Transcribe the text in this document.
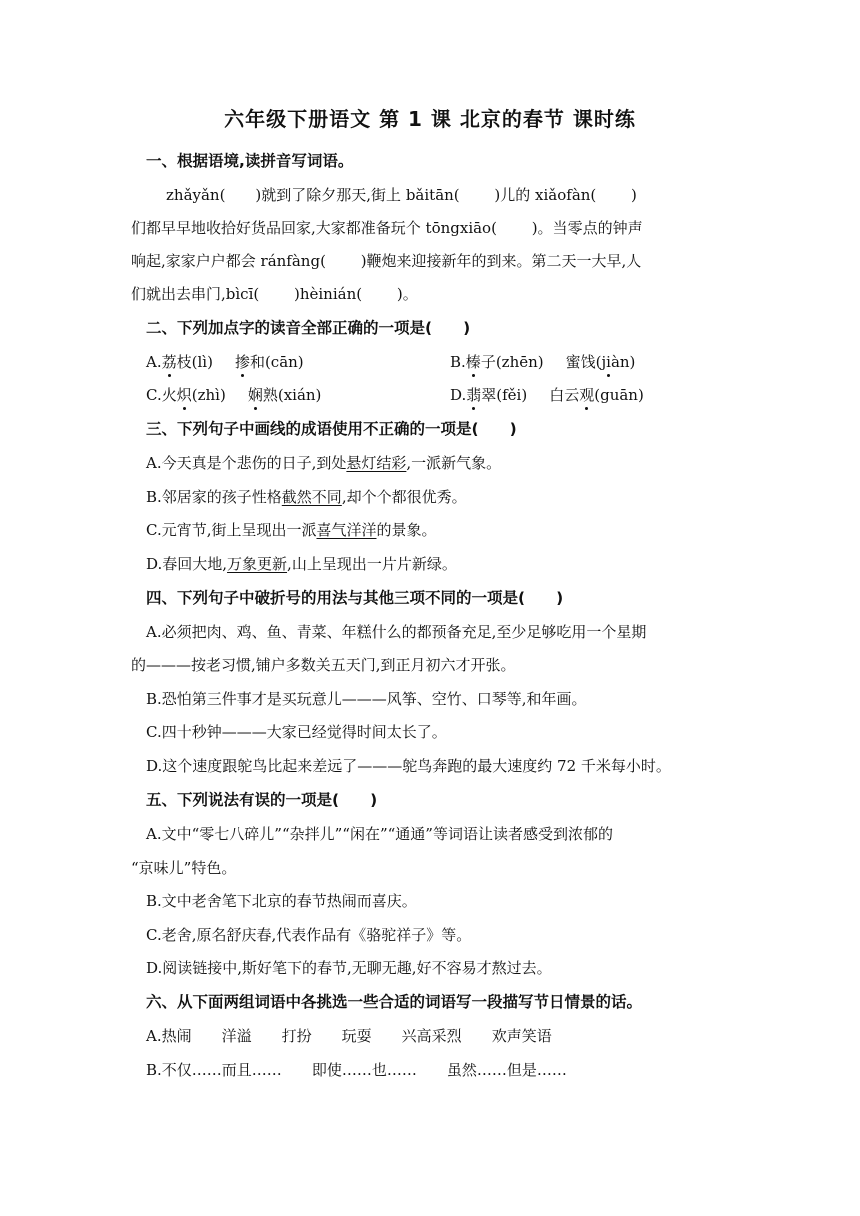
六年级下册语文 第 1 课 北京的春节 课时练
一、根据语境,读拼音写词语。
zhǎyǎn(　　)就到了除夕那天,街上 bǎitān(　　 )儿的 xiǎofàn(　　 )
们都早早地收拾好货品回家,大家都准备玩个 tōngxiāo(　　 )。当零点的钟声
响起,家家户户都会 ránfàng(　　 )鞭炮来迎接新年的到来。第二天一大早,人
们就出去串门,bìcī(　　 )hèinián(　　 )。
二、下列加点字的读音全部正确的一项是(　　)
A.荔枝(lì) 掺和(cān)	B.榛子(zhēn) 蜜饯(jiàn)
C.火炽(zhì) 娴熟(xián)	D.翡翠(fěi) 白云观(guān)
三、下列句子中画线的成语使用不正确的一项是(　　)
A.今天真是个悲伤的日子,到处悬灯结彩,一派新气象。
B.邻居家的孩子性格截然不同,却个个都很优秀。
C.元宵节,街上呈现出一派喜气洋洋的景象。
D.春回大地,万象更新,山上呈现出一片片新绿。
四、下列句子中破折号的用法与其他三项不同的一项是(　　)
A.必须把肉、鸡、鱼、青菜、年糕什么的都预备充足,至少足够吃用一个星期
的———按老习惯,铺户多数关五天门,到正月初六才开张。
B.恐怕第三件事才是买玩意儿———风筝、空竹、口琴等,和年画。
C.四十秒钟———大家已经觉得时间太长了。
D.这个速度跟鸵鸟比起来差远了———鸵鸟奔跑的最大速度约 72 千米每小时。
五、下列说法有误的一项是(　　)
A.文中“零七八碎儿”“杂拌儿”“闲在”“通通”等词语让读者感受到浓郁的
“京味儿”特色。
B.文中老舍笔下北京的春节热闹而喜庆。
C.老舍,原名舒庆春,代表作品有《骆驼祥子》等。
D.阅读链接中,斯好笔下的春节,无聊无趣,好不容易才熬过去。
六、从下面两组词语中各挑选一些合适的词语写一段描写节日情景的话。
A.热闹 洋溢 打扮 玩耍 兴高采烈 欢声笑语
B.不仅……而且…… 即使……也…… 虽然……但是……
